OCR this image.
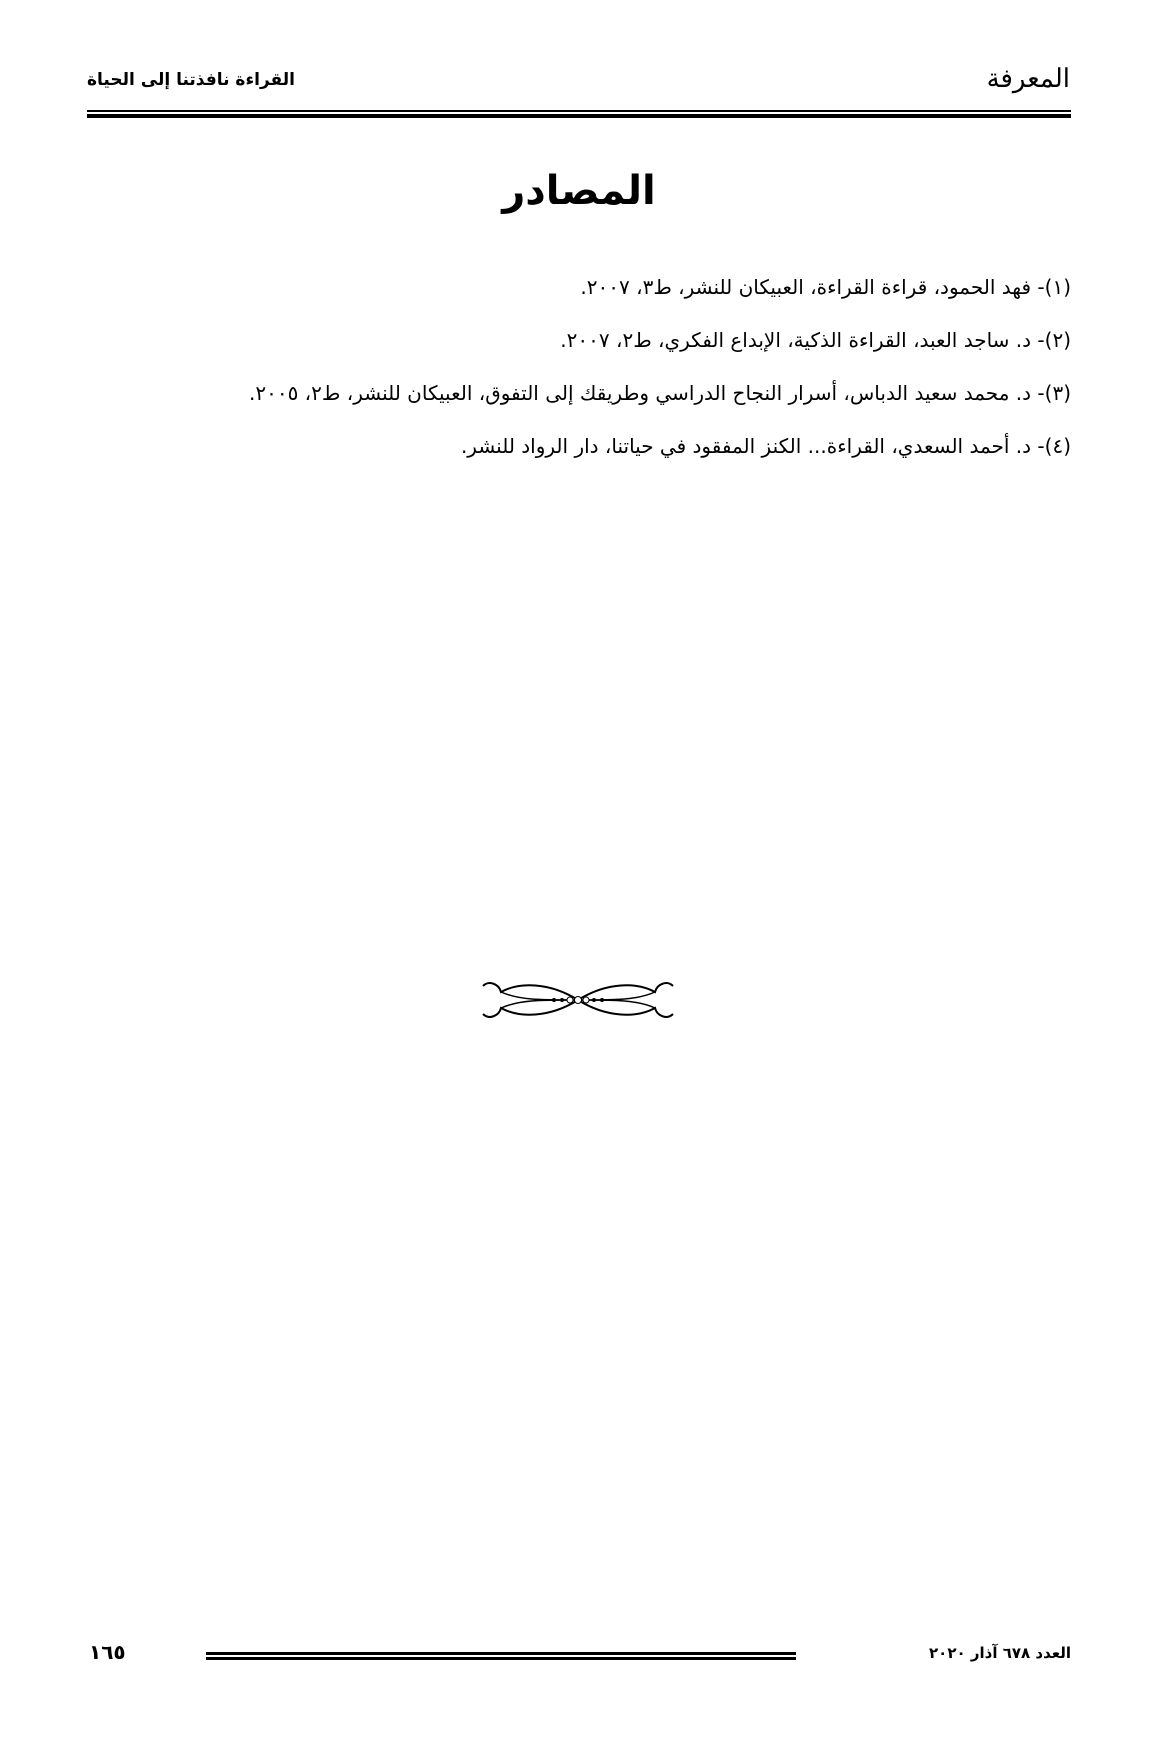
المعرفة
القراءة نافذتنا إلى الحياة
المصادر
(١)- فهد الحمود، قراءة القراءة، العبيكان للنشر، ط٣، ٢٠٠٧.
(٢)- د. ساجد العبد، القراءة الذكية، الإبداع الفكري، ط٢، ٢٠٠٧.
(٣)- د. محمد سعيد الدباس، أسرار النجاح الدراسي وطريقك إلى التفوق، العبيكان للنشر، ط٢، ٢٠٠٥.
(٤)- د. أحمد السعدي، القراءة... الكنز المفقود في حياتنا، دار الرواد للنشر.
١٦٥	العدد ٦٧٨ آذار ٢٠٢٠
